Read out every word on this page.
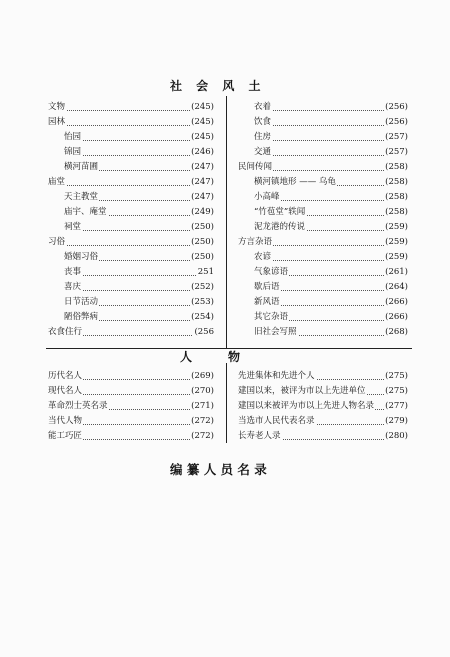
社 会 风 土
文物	(245)
园林	(245)
怡园	(245)
锦园	(246)
横河苗圃	(247)
庙堂	(247)
天主教堂	(247)
庙宇、庵堂	(249)
祠堂	(250)
习俗	(250)
婚姻习俗	(250)
丧事	251
喜庆	(252)
日节活动	(253)
陋俗弊病	(254)
衣食住行	(256
衣着	(256)
饮食	(256)
住房	(257)
交通	(257)
民间传闻	(258)
横河镇地形 —— 乌龟	(258)
小高峰	(258)
“竹苞堂”轶闻	(258)
泥龙港的传说	(259)
方言杂语	(259)
农谚	(259)
气象谚语	(261)
歇后语	(264)
新风语	(266)
其它杂语	(266)
旧社会写照	(268)
人　　　物
历代名人	(269)
现代名人	(270)
革命烈士英名录	(271)
当代人物	(272)
能工巧匠	(272)
先进集体和先进个人	(275)
建国以来，被评为市以上先进单位 (275)
建国以来被评为市以上先进人物名录 (277)
当选市人民代表名录	(279)
长寿老人录	(280)
编 纂 人 员 名 录
